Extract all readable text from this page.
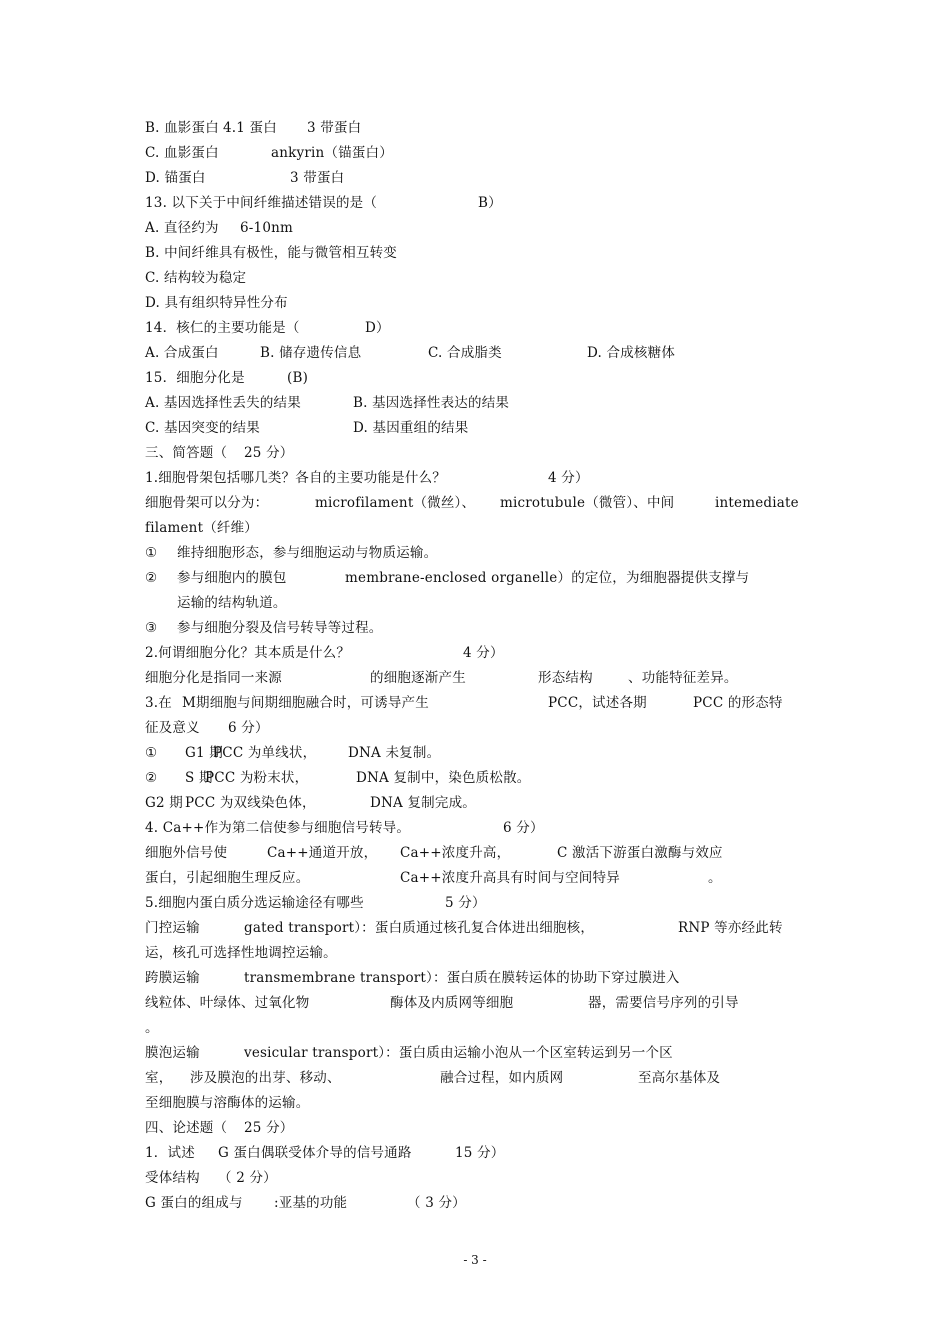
B. 血影蛋白 4.1 蛋白 3 带蛋白
C. 血影蛋白	ankyrin（锚蛋白）
D. 锚蛋白	3 带蛋白
13. 以下关于中间纤维描述错误的是（	B）
A. 直径约为 6-10nm
B. 中间纤维具有极性，能与微管相互转变
C. 结构较为稳定
D. 具有组织特异性分布
14．核仁的主要功能是（	D）
A. 合成蛋白	B. 储存遗传信息	C. 合成脂类	D. 合成核糖体
15．细胞分化是	(B)
A. 基因选择性丢失的结果	B. 基因选择性表达的结果
C. 基因突变的结果	D. 基因重组的结果
三、简答题（ 25 分）
1.细胞骨架包括哪几类？各自的主要功能是什么？	4 分）
细胞骨架可以分为：	microfilament（微丝）、 microtubule（微管）、中间	intemediate
filament（纤维）
① 维持细胞形态，参与细胞运动与物质运输。
② 参与细胞内的膜包	membrane-enclosed organelle）的定位，为细胞器提供支撑与
运输的结构轨道。
③ 参与细胞分裂及信号转导等过程。
2.何谓细胞分化？其本质是什么？	4 分）
细胞分化是指同一来源	的细胞逐渐产生	形态结构	、功能特征差异。
3.在 M期细胞与间期细胞融合时，可诱导产生	PCC，试述各期	PCC 的形态特
征及意义 6 分）
① G1 期
PCC 为单线状， DNA 未复制。
② S 期
PCC 为粉末状，	DNA 复制中，染色质松散。
G2 期 PCC 为双线染色体，	DNA 复制完成。
4. Ca++作为第二信使参与细胞信号转导。	6 分）
细胞外信号使	Ca++通道开放， Ca++浓度升高，	C 激活下游蛋白激酶与效应
蛋白，引起细胞生理反应。	Ca++浓度升高具有时间与空间特异	。
5.细胞内蛋白质分选运输途径有哪些	5 分）
门控运输	gated transport）：蛋白质通过核孔复合体进出细胞核，	RNP 等亦经此转
运，核孔可选择性地调控运输。
跨膜运输	transmembrane transport）：蛋白质在膜转运体的协助下穿过膜进入
线粒体、叶绿体、过氧化物	酶体及内质网等细胞	器，需要信号序列的引导
。
膜泡运输	vesicular transport）：蛋白质由运输小泡从一个区室转运到另一个区
室， 涉及膜泡的出芽、移动、	融合过程，如内质网	至高尔基体及
至细胞膜与溶酶体的运输。
四、论述题（ 25 分）
1．试述 G 蛋白偶联受体介导的信号通路	15 分）
受体结构 （ 2 分）
G 蛋白的组成与 :亚基的功能	（ 3 分）
- 3 -
